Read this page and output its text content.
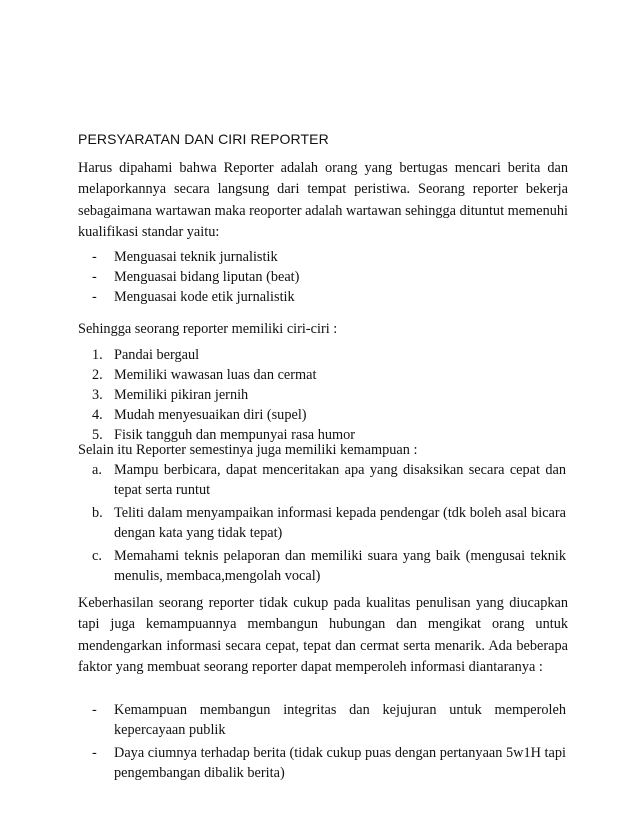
PERSYARATAN DAN CIRI REPORTER
Harus dipahami bahwa Reporter adalah orang yang bertugas mencari berita dan melaporkannya secara langsung dari tempat peristiwa. Seorang reporter bekerja sebagaimana wartawan maka reoporter adalah wartawan sehingga dituntut memenuhi kualifikasi standar yaitu:
- Menguasai teknik jurnalistik
- Menguasai bidang liputan (beat)
- Menguasai kode etik jurnalistik
Sehingga seorang reporter memiliki ciri-ciri :
1. Pandai bergaul
2. Memiliki wawasan luas dan cermat
3. Memiliki pikiran jernih
4. Mudah menyesuaikan diri (supel)
5. Fisik tangguh dan mempunyai rasa humor
Selain itu Reporter semestinya juga memiliki kemampuan :
a. Mampu berbicara, dapat menceritakan apa yang disaksikan secara cepat dan tepat serta runtut
b. Teliti dalam menyampaikan informasi kepada pendengar (tdk boleh asal bicara dengan kata yang tidak tepat)
c. Memahami teknis pelaporan dan memiliki suara yang baik (mengusai teknik menulis, membaca,mengolah vocal)
Keberhasilan seorang reporter tidak cukup pada kualitas penulisan yang diucapkan tapi juga kemampuannya membangun hubungan dan mengikat orang untuk mendengarkan informasi secara cepat, tepat dan cermat serta menarik. Ada beberapa faktor yang membuat seorang reporter dapat memperoleh informasi diantaranya :
- Kemampuan membangun integritas dan kejujuran untuk memperoleh kepercayaan publik
- Daya ciumnya terhadap berita (tidak cukup puas dengan pertanyaan 5w1H tapi pengembangan dibalik berita)
